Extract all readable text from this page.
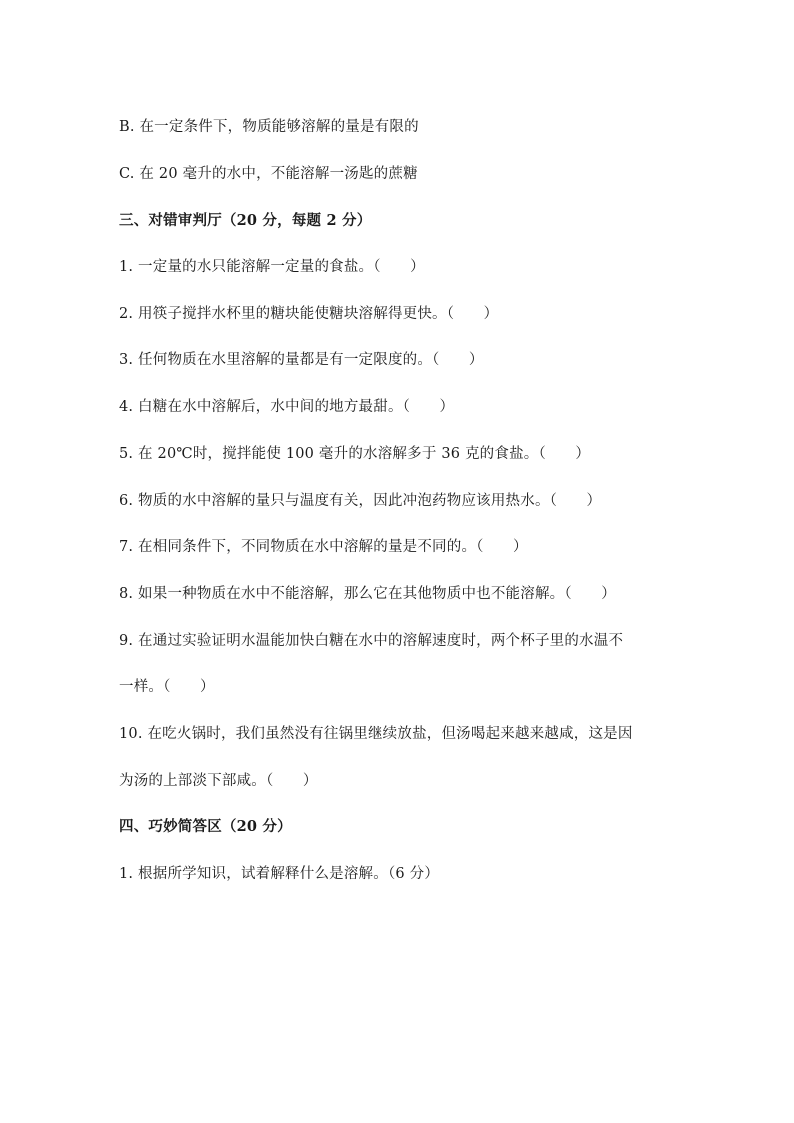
B. 在一定条件下，物质能够溶解的量是有限的
C. 在 20 毫升的水中，不能溶解一汤匙的蔗糖
三、对错审判厅（20 分，每题 2 分）
1. 一定量的水只能溶解一定量的食盐。（　　）
2. 用筷子搅拌水杯里的糖块能使糖块溶解得更快。（　　）
3. 任何物质在水里溶解的量都是有一定限度的。（　　）
4. 白糖在水中溶解后，水中间的地方最甜。（　　）
5. 在 20℃时，搅拌能使 100 毫升的水溶解多于 36 克的食盐。（　　）
6. 物质的水中溶解的量只与温度有关，因此冲泡药物应该用热水。（　　）
7. 在相同条件下，不同物质在水中溶解的量是不同的。（　　）
8. 如果一种物质在水中不能溶解，那么它在其他物质中也不能溶解。（　　）
9. 在通过实验证明水温能加快白糖在水中的溶解速度时，两个杯子里的水温不
一样。（　　）
10. 在吃火锅时，我们虽然没有往锅里继续放盐，但汤喝起来越来越咸，这是因
为汤的上部淡下部咸。（　　）
四、巧妙简答区（20 分）
1. 根据所学知识，试着解释什么是溶解。（6 分）
